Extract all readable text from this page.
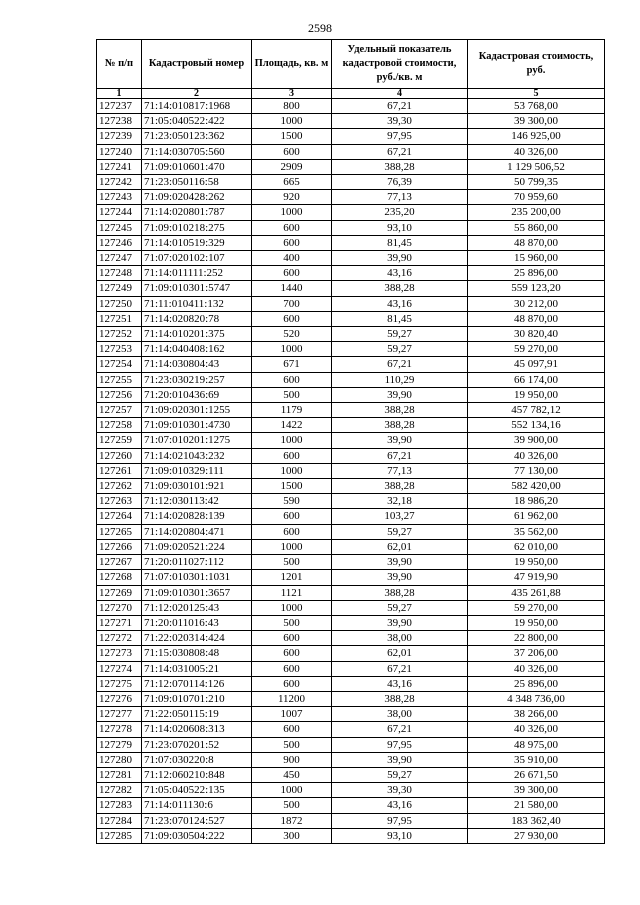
2598
№ п/п	Кадастровый номер	Площадь, кв. м	Удельный показатель кадастровой стоимости, руб./кв. м	Кадастровая стоимость, руб.
1	2	3	4	5
127237	71:14:010817:1968	800	67,21	53 768,00
127238	71:05:040522:422	1000	39,30	39 300,00
127239	71:23:050123:362	1500	97,95	146 925,00
127240	71:14:030705:560	600	67,21	40 326,00
127241	71:09:010601:470	2909	388,28	1 129 506,52
127242	71:23:050116:58	665	76,39	50 799,35
127243	71:09:020428:262	920	77,13	70 959,60
127244	71:14:020801:787	1000	235,20	235 200,00
127245	71:09:010218:275	600	93,10	55 860,00
127246	71:14:010519:329	600	81,45	48 870,00
127247	71:07:020102:107	400	39,90	15 960,00
127248	71:14:011111:252	600	43,16	25 896,00
127249	71:09:010301:5747	1440	388,28	559 123,20
127250	71:11:010411:132	700	43,16	30 212,00
127251	71:14:020820:78	600	81,45	48 870,00
127252	71:14:010201:375	520	59,27	30 820,40
127253	71:14:040408:162	1000	59,27	59 270,00
127254	71:14:030804:43	671	67,21	45 097,91
127255	71:23:030219:257	600	110,29	66 174,00
127256	71:20:010436:69	500	39,90	19 950,00
127257	71:09:020301:1255	1179	388,28	457 782,12
127258	71:09:010301:4730	1422	388,28	552 134,16
127259	71:07:010201:1275	1000	39,90	39 900,00
127260	71:14:021043:232	600	67,21	40 326,00
127261	71:09:010329:111	1000	77,13	77 130,00
127262	71:09:030101:921	1500	388,28	582 420,00
127263	71:12:030113:42	590	32,18	18 986,20
127264	71:14:020828:139	600	103,27	61 962,00
127265	71:14:020804:471	600	59,27	35 562,00
127266	71:09:020521:224	1000	62,01	62 010,00
127267	71:20:011027:112	500	39,90	19 950,00
127268	71:07:010301:1031	1201	39,90	47 919,90
127269	71:09:010301:3657	1121	388,28	435 261,88
127270	71:12:020125:43	1000	59,27	59 270,00
127271	71:20:011016:43	500	39,90	19 950,00
127272	71:22:020314:424	600	38,00	22 800,00
127273	71:15:030808:48	600	62,01	37 206,00
127274	71:14:031005:21	600	67,21	40 326,00
127275	71:12:070114:126	600	43,16	25 896,00
127276	71:09:010701:210	11200	388,28	4 348 736,00
127277	71:22:050115:19	1007	38,00	38 266,00
127278	71:14:020608:313	600	67,21	40 326,00
127279	71:23:070201:52	500	97,95	48 975,00
127280	71:07:030220:8	900	39,90	35 910,00
127281	71:12:060210:848	450	59,27	26 671,50
127282	71:05:040522:135	1000	39,30	39 300,00
127283	71:14:011130:6	500	43,16	21 580,00
127284	71:23:070124:527	1872	97,95	183 362,40
127285	71:09:030504:222	300	93,10	27 930,00
